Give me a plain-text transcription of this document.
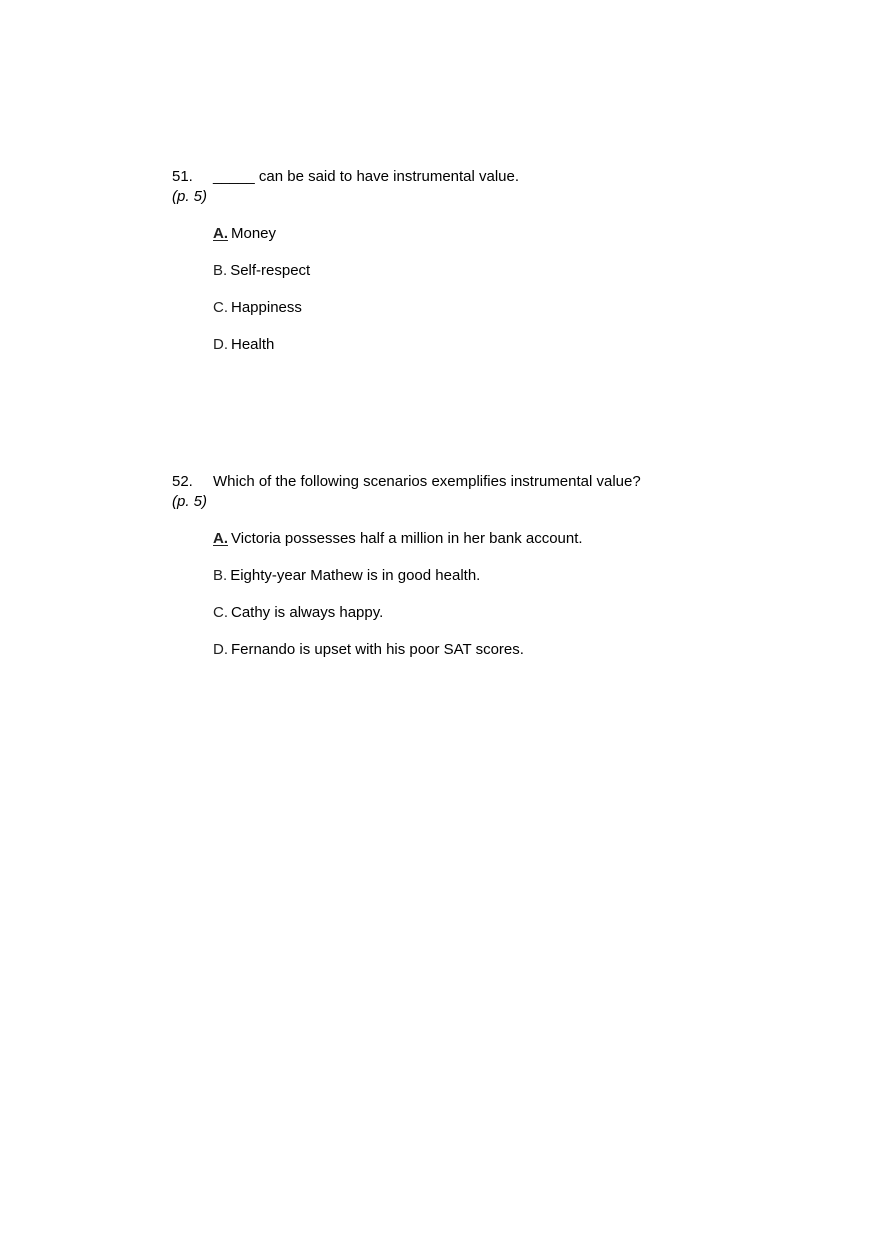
51. _____ can be said to have instrumental value.
(p. 5)
A. Money
B. Self-respect
C. Happiness
D. Health
52. Which of the following scenarios exemplifies instrumental value?
(p. 5)
A. Victoria possesses half a million in her bank account.
B. Eighty-year Mathew is in good health.
C. Cathy is always happy.
D. Fernando is upset with his poor SAT scores.
